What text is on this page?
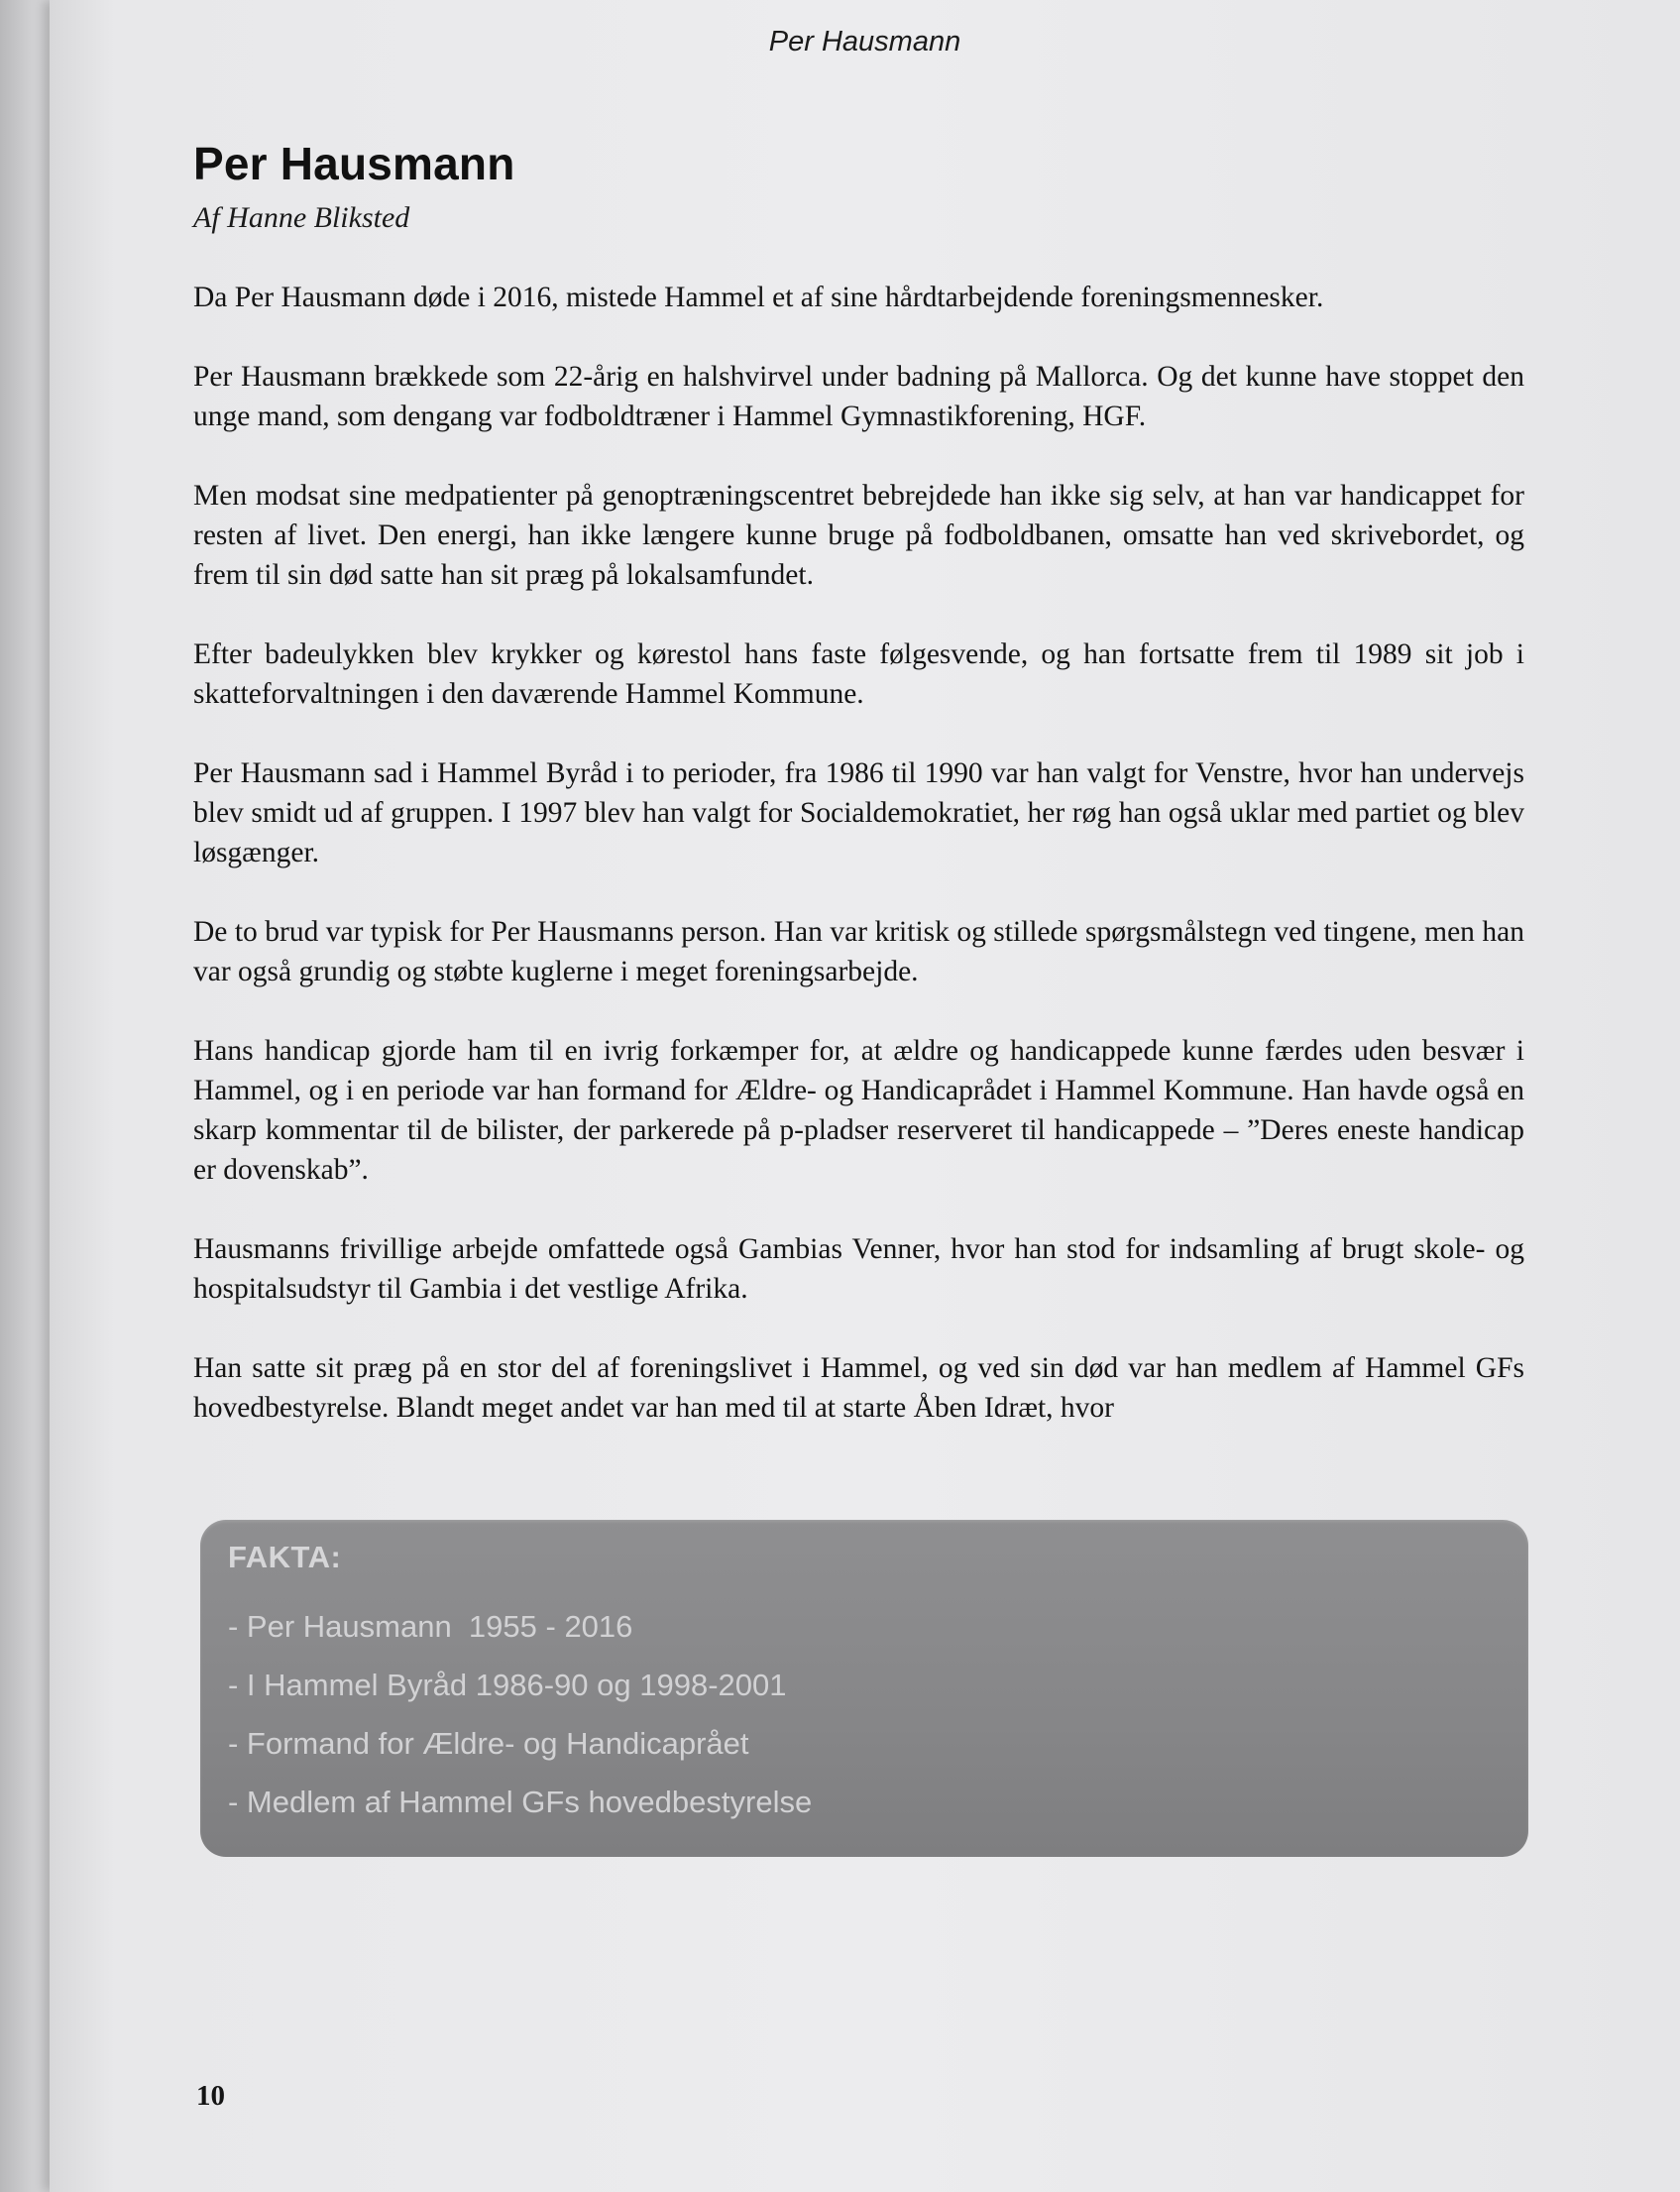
Per Hausmann
Per Hausmann
Af Hanne Bliksted

Da Per Hausmann døde i 2016, mistede Hammel et af sine hårdtarbejdende foreningsmennesker.

Per Hausmann brækkede som 22-årig en halshvirvel under badning på Mallorca. Og det kunne have stoppet den unge mand, som dengang var fodboldtræner i Hammel Gymnastikforening, HGF.

Men modsat sine medpatienter på genoptræningscentret bebrejdede han ikke sig selv, at han var handicappet for resten af livet. Den energi, han ikke længere kunne bruge på fodboldbanen, omsatte han ved skrivebordet, og frem til sin død satte han sit præg på lokalsamfundet.

Efter badeulykken blev krykker og kørestol hans faste følgesvende, og han fortsatte frem til 1989 sit job i skatteforvaltningen i den daværende Hammel Kommune.

Per Hausmann sad i Hammel Byråd i to perioder, fra 1986 til 1990 var han valgt for Venstre, hvor han undervejs blev smidt ud af gruppen. I 1997 blev han valgt for Socialdemokratiet, her røg han også uklar med partiet og blev løsgænger.

De to brud var typisk for Per Hausmanns person. Han var kritisk og stillede spørgsmålstegn ved tingene, men han var også grundig og støbte kuglerne i meget foreningsarbejde.

Hans handicap gjorde ham til en ivrig forkæmper for, at ældre og handicappede kunne færdes uden besvær i Hammel, og i en periode var han formand for Ældre- og Handicaprådet i Hammel Kommune. Han havde også en skarp kommentar til de bilister, der parkerede på p-pladser reserveret til handicappede – ”Deres eneste handicap er dovenskab”.

Hausmanns frivillige arbejde omfattede også Gambias Venner, hvor han stod for indsamling af brugt skole- og hospitalsudstyr til Gambia i det vestlige Afrika.

Han satte sit præg på en stor del af foreningslivet i Hammel, og ved sin død var han medlem af Hammel GFs hovedbestyrelse. Blandt meget andet var han med til at starte Åben Idræt, hvor

FAKTA:
- Per Hausmann  1955 - 2016
- I Hammel Byråd 1986-90 og 1998-2001
- Formand for Ældre- og Handicaprået
- Medlem af Hammel GFs hovedbestyrelse
10
